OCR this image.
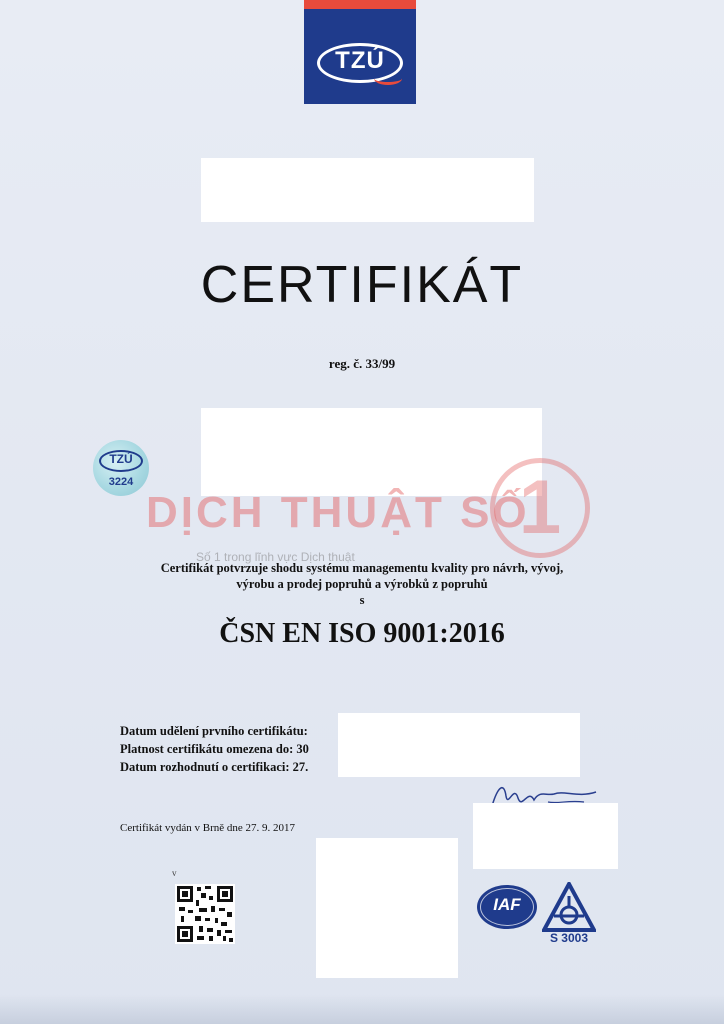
TZÚ
CERTIFIKÁT
reg. č. 33/99
TZÚ
3224	1
DỊCH THUẬT SỐ
Số 1 trong lĩnh vực Dịch thuật
Certifikát potvrzuje shodu systému managementu kvality pro návrh, vývoj,
výrobu a prodej popruhů a výrobků z popruhů
s
ČSN EN ISO 9001:2016
Datum udělení prvního certifikátu:
Platnost certifikátu omezena do: 30
Datum rozhodnutí o certifikaci: 27.
Certifikát vydán v Brně dne 27. 9. 2017
v
IAF
S 3003
